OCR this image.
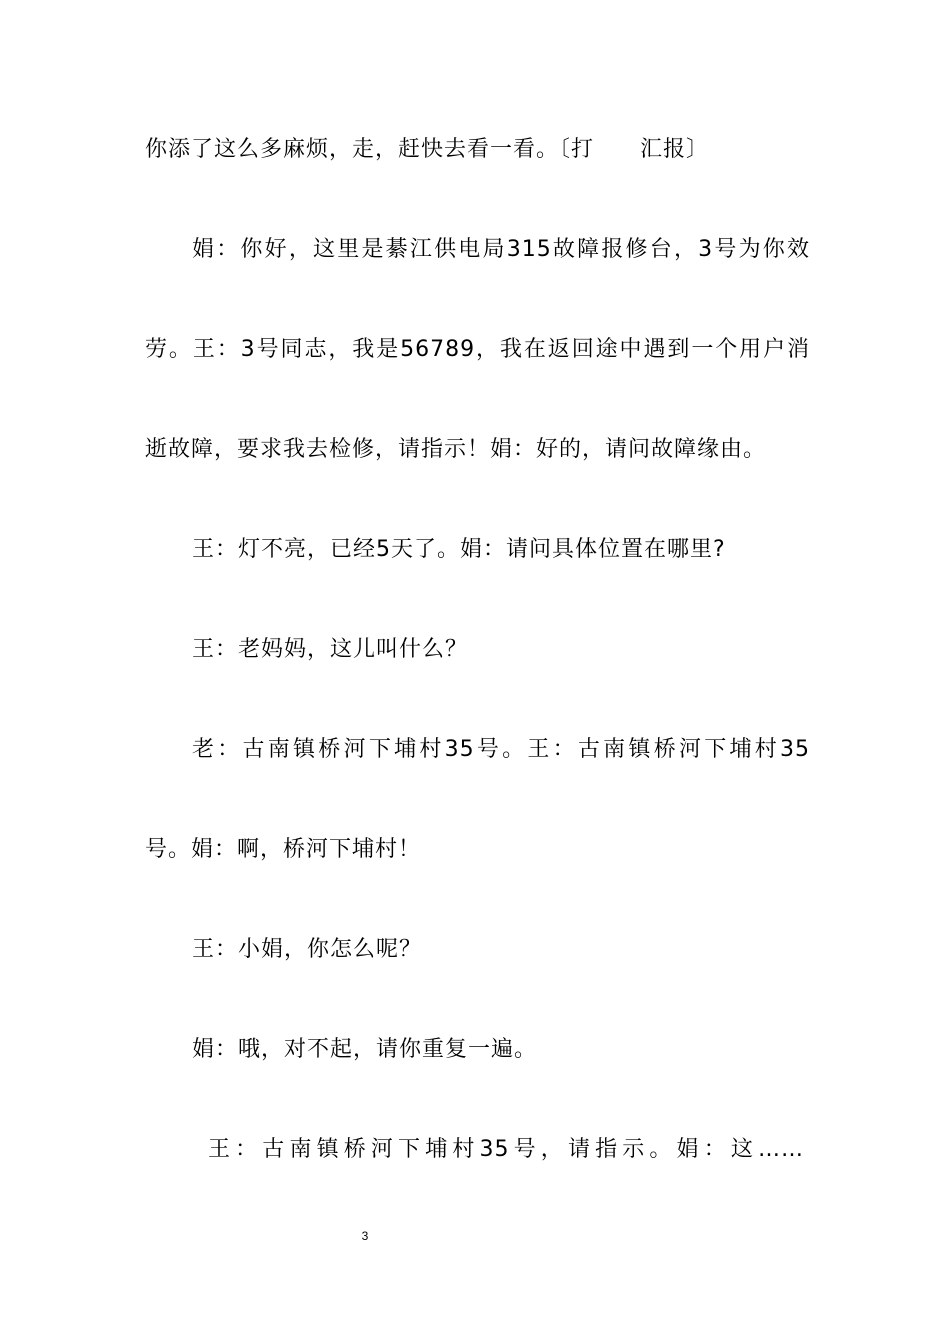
你添了这么多麻烦，走，赶快去看一看。〔打　　汇报〕
娟：你好，这里是綦江供电局315故障报修台，3号为你效
劳。王：3号同志，我是56789，我在返回途中遇到一个用户消
逝故障，要求我去检修，请指示！娟：好的，请问故障缘由。
王：灯不亮，已经5天了。娟：请问具体位置在哪里?
王：老妈妈，这儿叫什么？
老：古南镇桥河下埔村35号。王：古南镇桥河下埔村35
号。娟：啊，桥河下埔村！
王：小娟，你怎么呢？
娟：哦，对不起，请你重复一遍。
王：古南镇桥河下埔村35号，请指示。娟：这……
3
